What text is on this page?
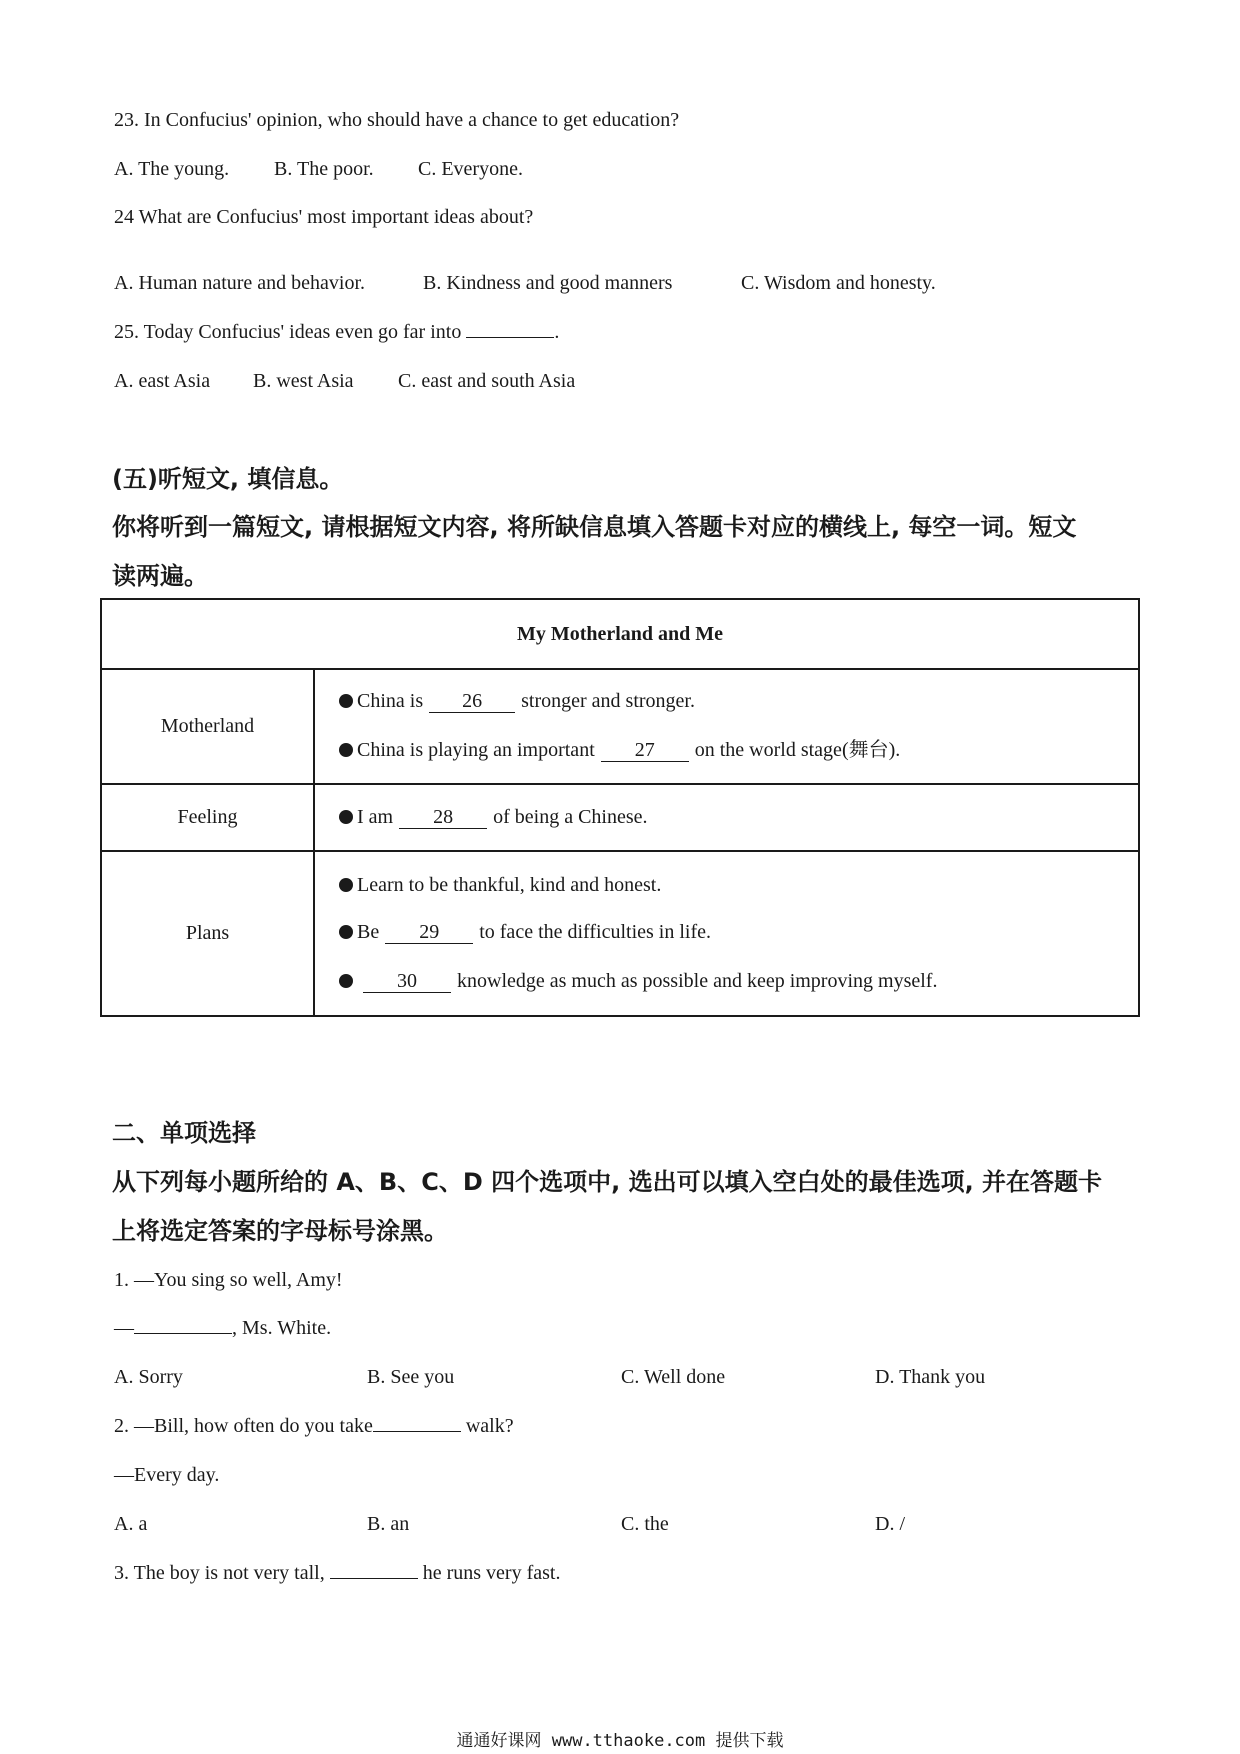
23. In Confucius' opinion, who should have a chance to get education?
A. The young. B. The poor. C. Everyone.
24 What are Confucius' most important ideas about?
A. Human nature and behavior.	B. Kindness and good manners	C. Wisdom and honesty.
25. Today Confucius' ideas even go far into	.
A. east Asia B. west Asia C. east and south Asia
(五)听短文, 填信息。
你将听到一篇短文, 请根据短文内容, 将所缺信息填入答题卡对应的横线上, 每空一词。短文
读两遍。
My Motherland and Me	
Motherland	China is 26 stronger and stronger.
China is playing an important 27 on the world stage(舞台).

Feeling	I am 28 of being a Chinese.

Plans	Learn to be thankful, kind and honest.
Be 29 to face the difficulties in life.
30 knowledge as much as possible and keep improving myself.
二、单项选择
从下列每小题所给的 A、B、C、D 四个选项中, 选出可以填入空白处的最佳选项, 并在答题卡
上将选定答案的字母标号涂黑。
1. —You sing so well, Amy!
—	, Ms. White.
A. Sorry	B. See you	C. Well done	D. Thank you
2. —Bill, how often do you take	walk?
—Every day.
A. a	B. an	C. the	D. /
3. The boy is not very tall,	he runs very fast.
通通好课网 www.tthaoke.com 提供下载
